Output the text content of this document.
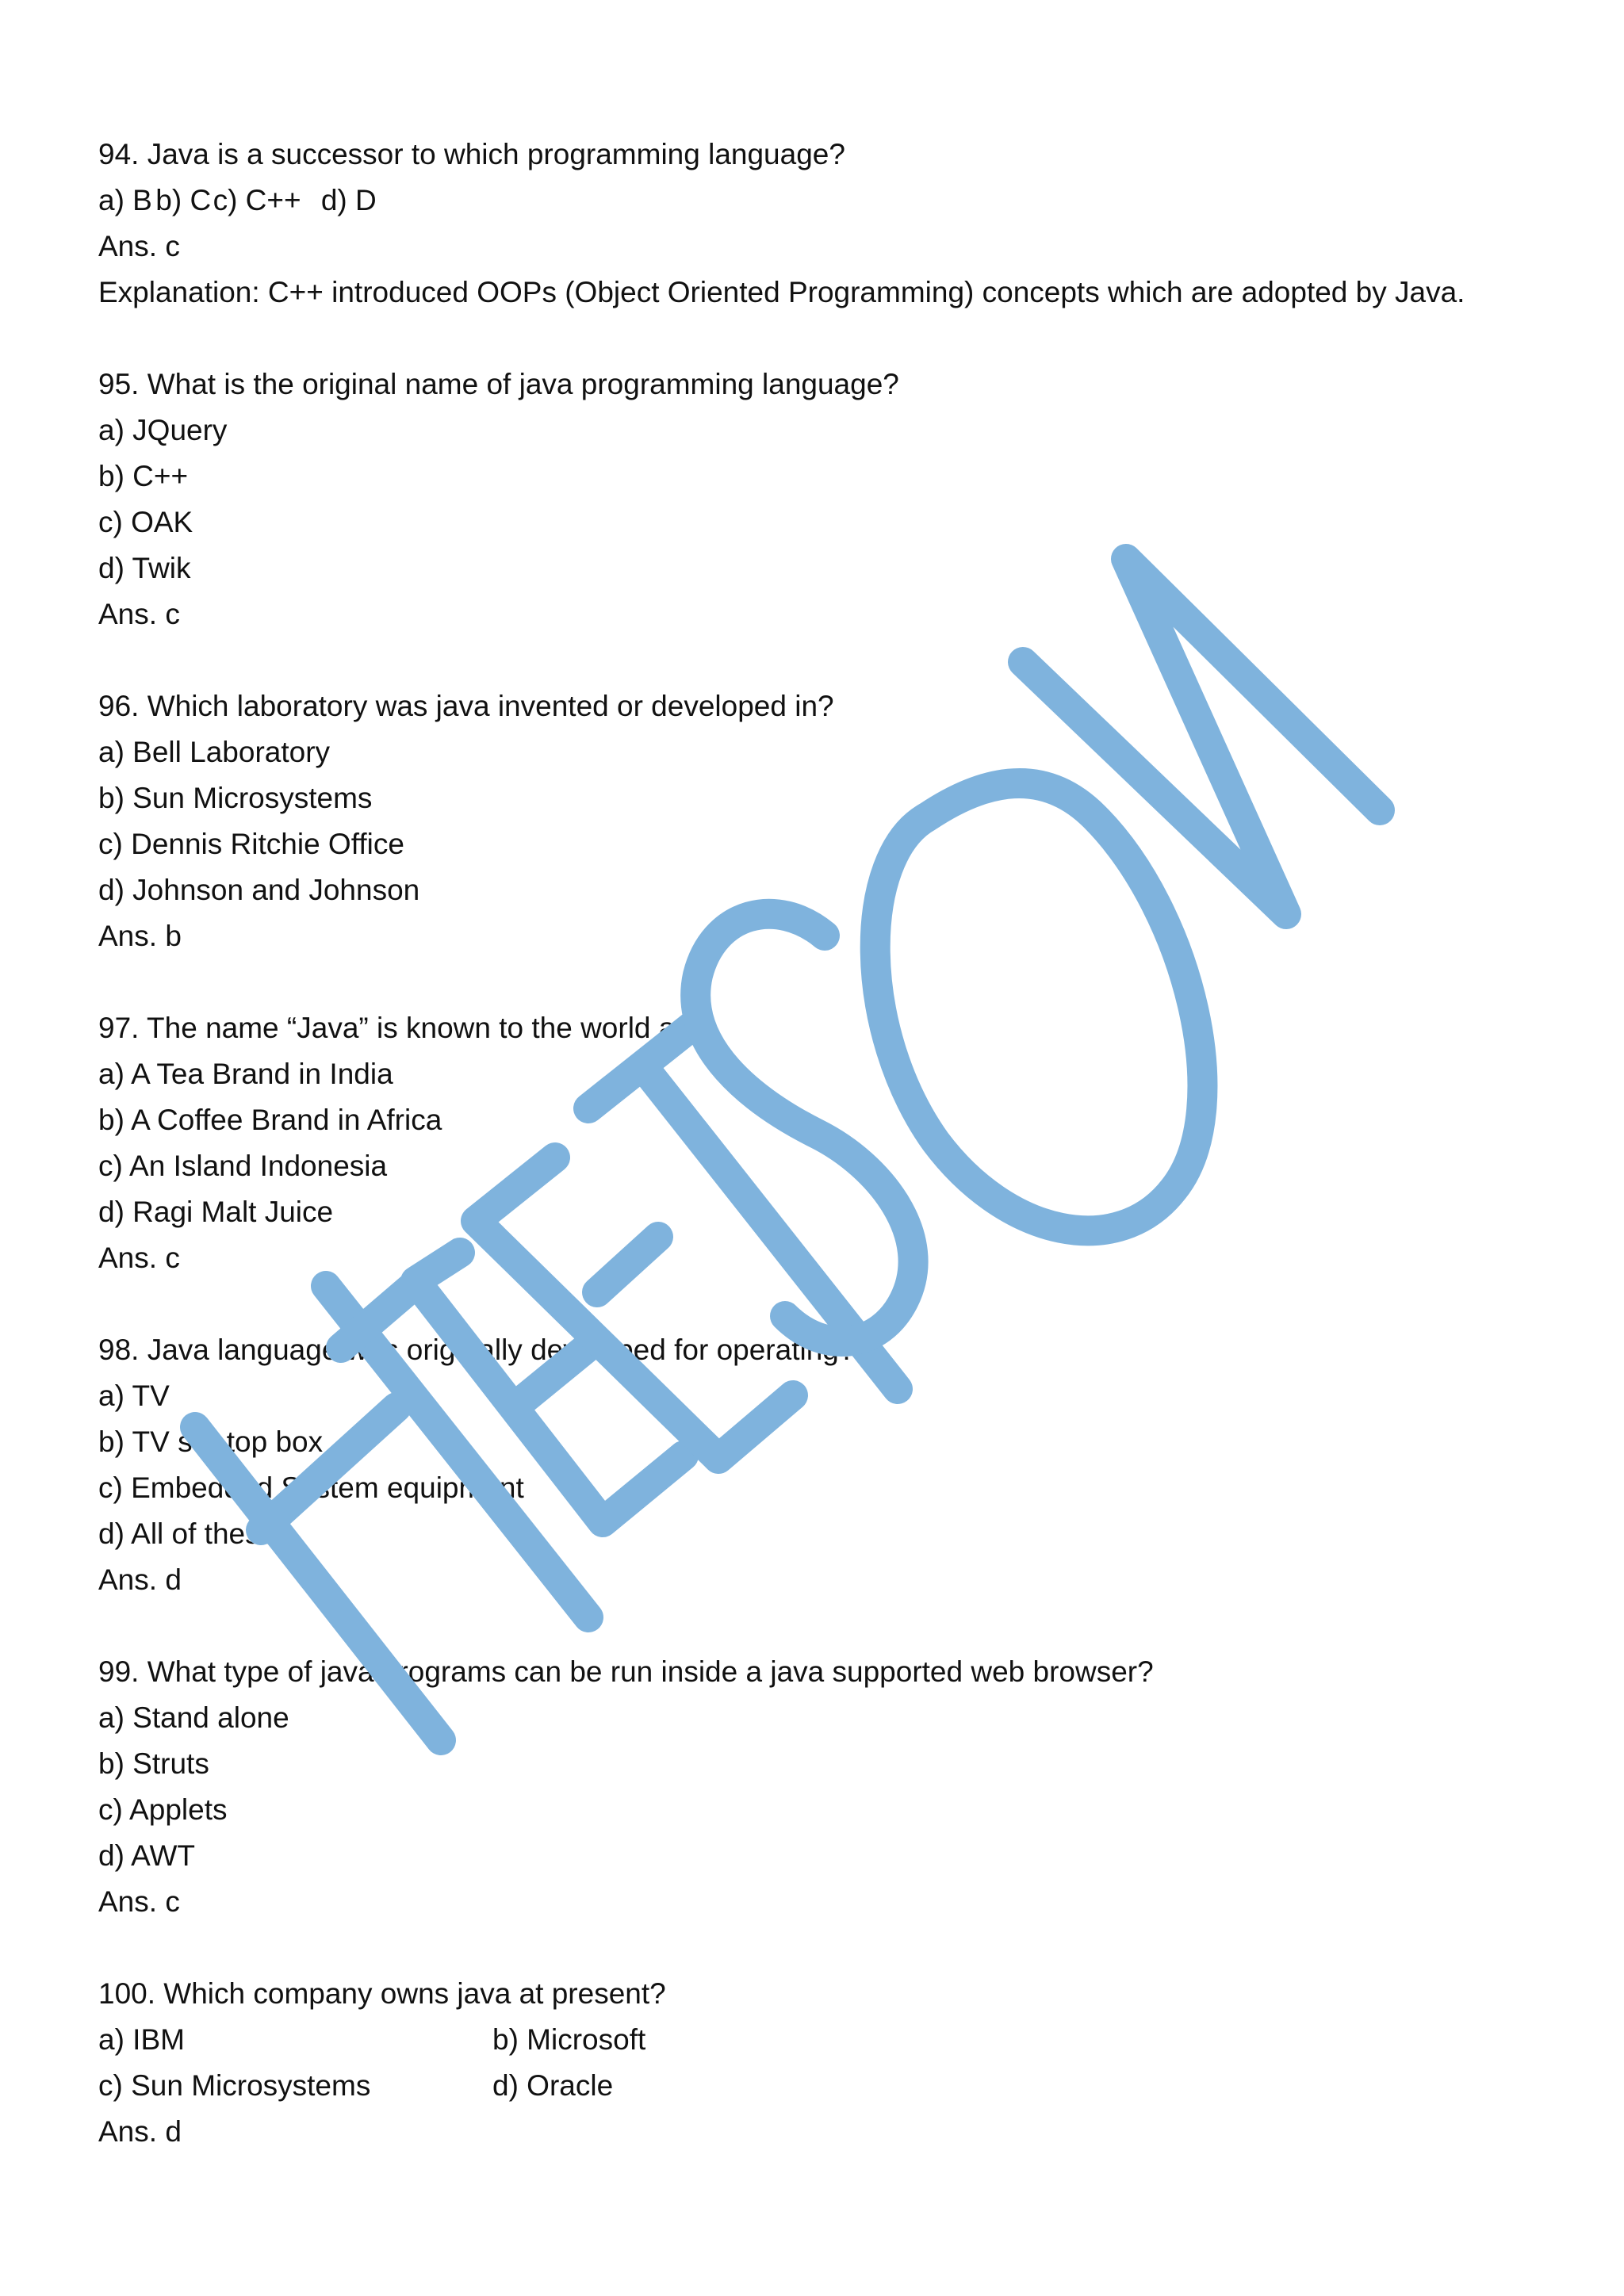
94. Java is a successor to which programming language?
a) B b) C c) C++ d) D
Ans. c
Explanation: C++ introduced OOPs (Object Oriented Programming) concepts which are adopted by Java.
95. What is the original name of java programming language?
a) JQuery
b) C++
c) OAK
d) Twik
Ans. c
96. Which laboratory was java invented or developed in?
a) Bell Laboratory
b) Sun Microsystems
c) Dennis Ritchie Office
d) Johnson and Johnson
Ans. b
97. The name “Java” is known to the world as?
a) A Tea Brand in India
b) A Coffee Brand in Africa
c) An Island Indonesia
d) Ragi Malt Juice
Ans. c
98. Java language was originally developed for operating?
a) TV
b) TV set-top box
c) Embedded System equipment
d) All of these
Ans. d
99. What type of java programs can be run inside a java supported web browser?
a) Stand alone
b) Struts
c) Applets
d) AWT
Ans. c
100. Which company owns java at present?
a) IBM	b) Microsoft
c) Sun Microsystems	d) Oracle
Ans. d
